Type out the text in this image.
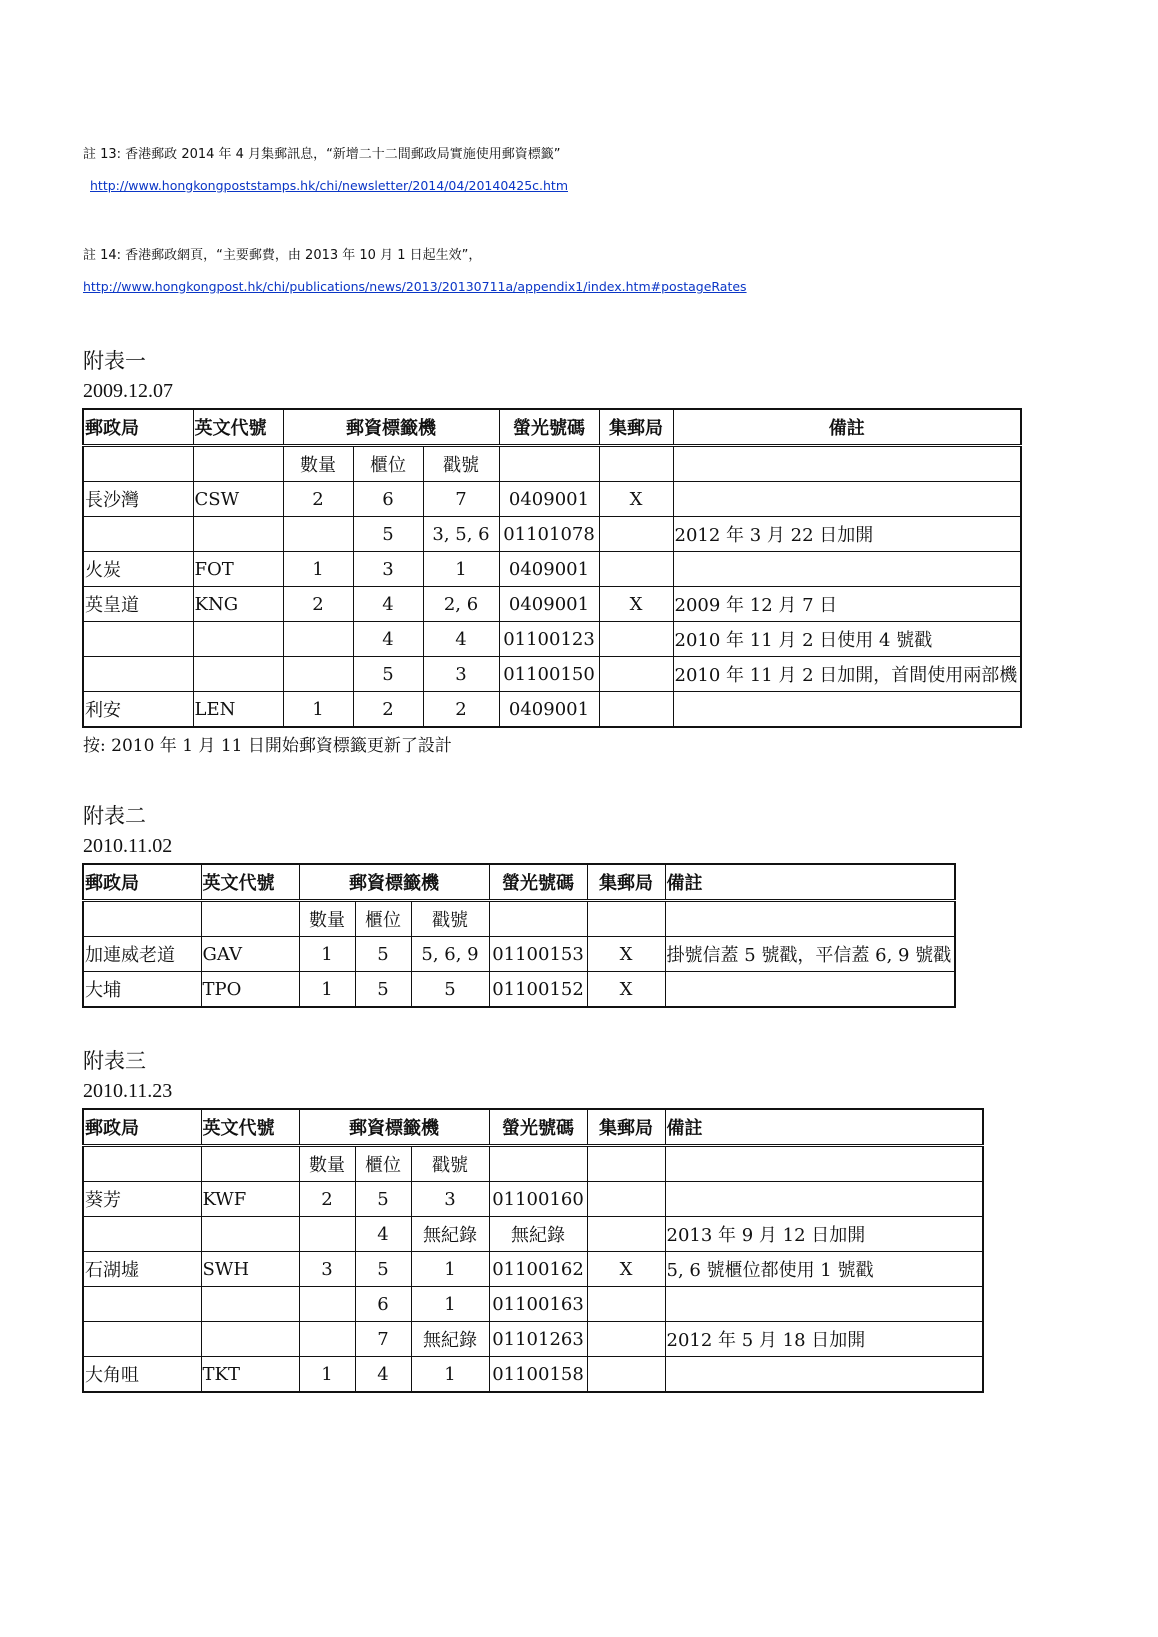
註 13: 香港郵政 2014 年 4 月集郵訊息，“新增二十二間郵政局實施使用郵資標籤”
http://www.hongkongpoststamps.hk/chi/newsletter/2014/04/20140425c.htm
註 14: 香港郵政網頁，“主要郵費，由 2013 年 10 月 1 日起生效”，
http://www.hongkongpost.hk/chi/publications/news/2013/20130711a/appendix1/index.htm#postageRates
附表一
2009.12.07
郵政局	英文代號	郵資標籤機			螢光號碼	集郵局	備註
		數量	櫃位	戳號			
長沙灣	CSW	2	6	7	0409001	X	
			5	3, 5, 6	01101078		2012 年 3 月 22 日加開
火炭	FOT	1	3	1	0409001		
英皇道	KNG	2	4	2, 6	0409001	X	2009 年 12 月 7 日
			4	4	01100123		2010 年 11 月 2 日使用 4 號戳
			5	3	01100150		2010 年 11 月 2 日加開，首間使用兩部機
利安	LEN	1	2	2	0409001		
按: 2010 年 1 月 11 日開始郵資標籤更新了設計
附表二
2010.11.02
郵政局	英文代號	郵資標籤機			螢光號碼	集郵局	備註
		數量	櫃位	戳號			
加連威老道	GAV	1	5	5, 6, 9	01100153	X	掛號信蓋 5 號戳，平信蓋 6, 9 號戳
大埔	TPO	1	5	5	01100152	X	
附表三
2010.11.23
郵政局	英文代號	郵資標籤機			螢光號碼	集郵局	備註
		數量	櫃位	戳號			
葵芳	KWF	2	5	3	01100160		
			4	無紀錄	無紀錄		2013 年 9 月 12 日加開
石湖墟	SWH	3	5	1	01100162	X	5, 6 號櫃位都使用 1 號戳
			6	1	01100163		
			7	無紀錄	01101263		2012 年 5 月 18 日加開
大角咀	TKT	1	4	1	01100158		
